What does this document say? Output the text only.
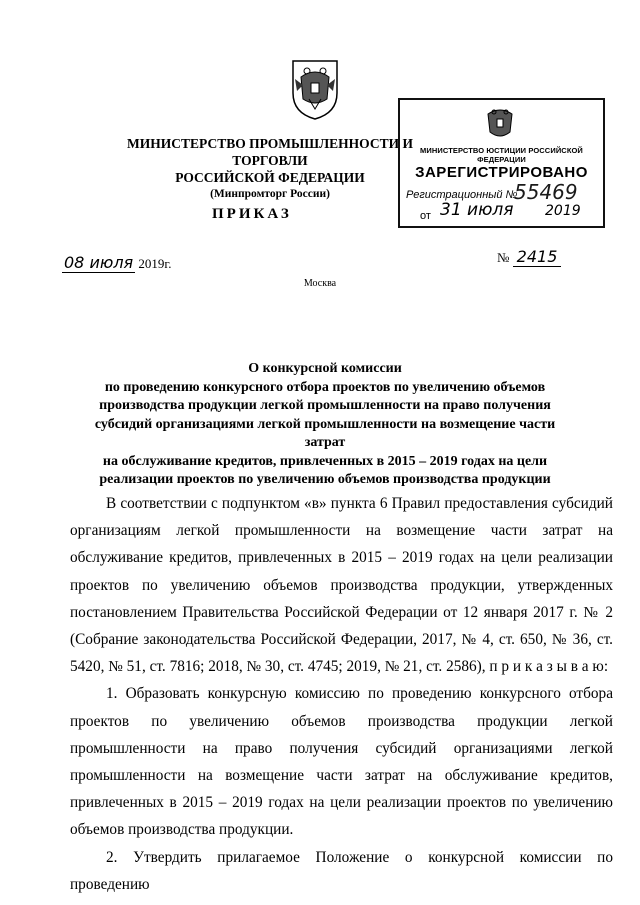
МИНИСТЕРСТВО ПРОМЫШЛЕННОСТИ И ТОРГОВЛИ
РОССИЙСКОЙ ФЕДЕРАЦИИ
(Минпромторг России)
ПРИКАЗ
МИНИСТЕРСТВО ЮСТИЦИИ РОССИЙСКОЙ ФЕДЕРАЦИИ
ЗАРЕГИСТРИРОВАНО
Регистрационный №
55469
от 31 июля 2019
08 июля 2019г.	№ 2415
Москва
О конкурсной комиссии
по проведению конкурсного отбора проектов по увеличению объемов
производства продукции легкой промышленности на право получения
субсидий организациями легкой промышленности на возмещение части затрат
на обслуживание кредитов, привлеченных в 2015 – 2019 годах на цели
реализации проектов по увеличению объемов производства продукции

В соответствии с подпунктом «в» пункта 6 Правил предоставления субсидий организациям легкой промышленности на возмещение части затрат на обслуживание кредитов, привлеченных в 2015 – 2019 годах на цели реализации проектов по увеличению объемов производства продукции, утвержденных постановлением Правительства Российской Федерации от 12 января 2017 г. № 2 (Собрание законодательства Российской Федерации, 2017, № 4, ст. 650, № 36, ст. 5420, № 51, ст. 7816; 2018, № 30, ст. 4745; 2019, № 21, ст. 2586), п р и к а з ы в а ю:

1. Образовать конкурсную комиссию по проведению конкурсного отбора проектов по увеличению объемов производства продукции легкой промышленности на право получения субсидий организациями легкой промышленности на возмещение части затрат на обслуживание кредитов, привлеченных в 2015 – 2019 годах на цели реализации проектов по увеличению объемов производства продукции.

2. Утвердить прилагаемое Положение о конкурсной комиссии по проведению
